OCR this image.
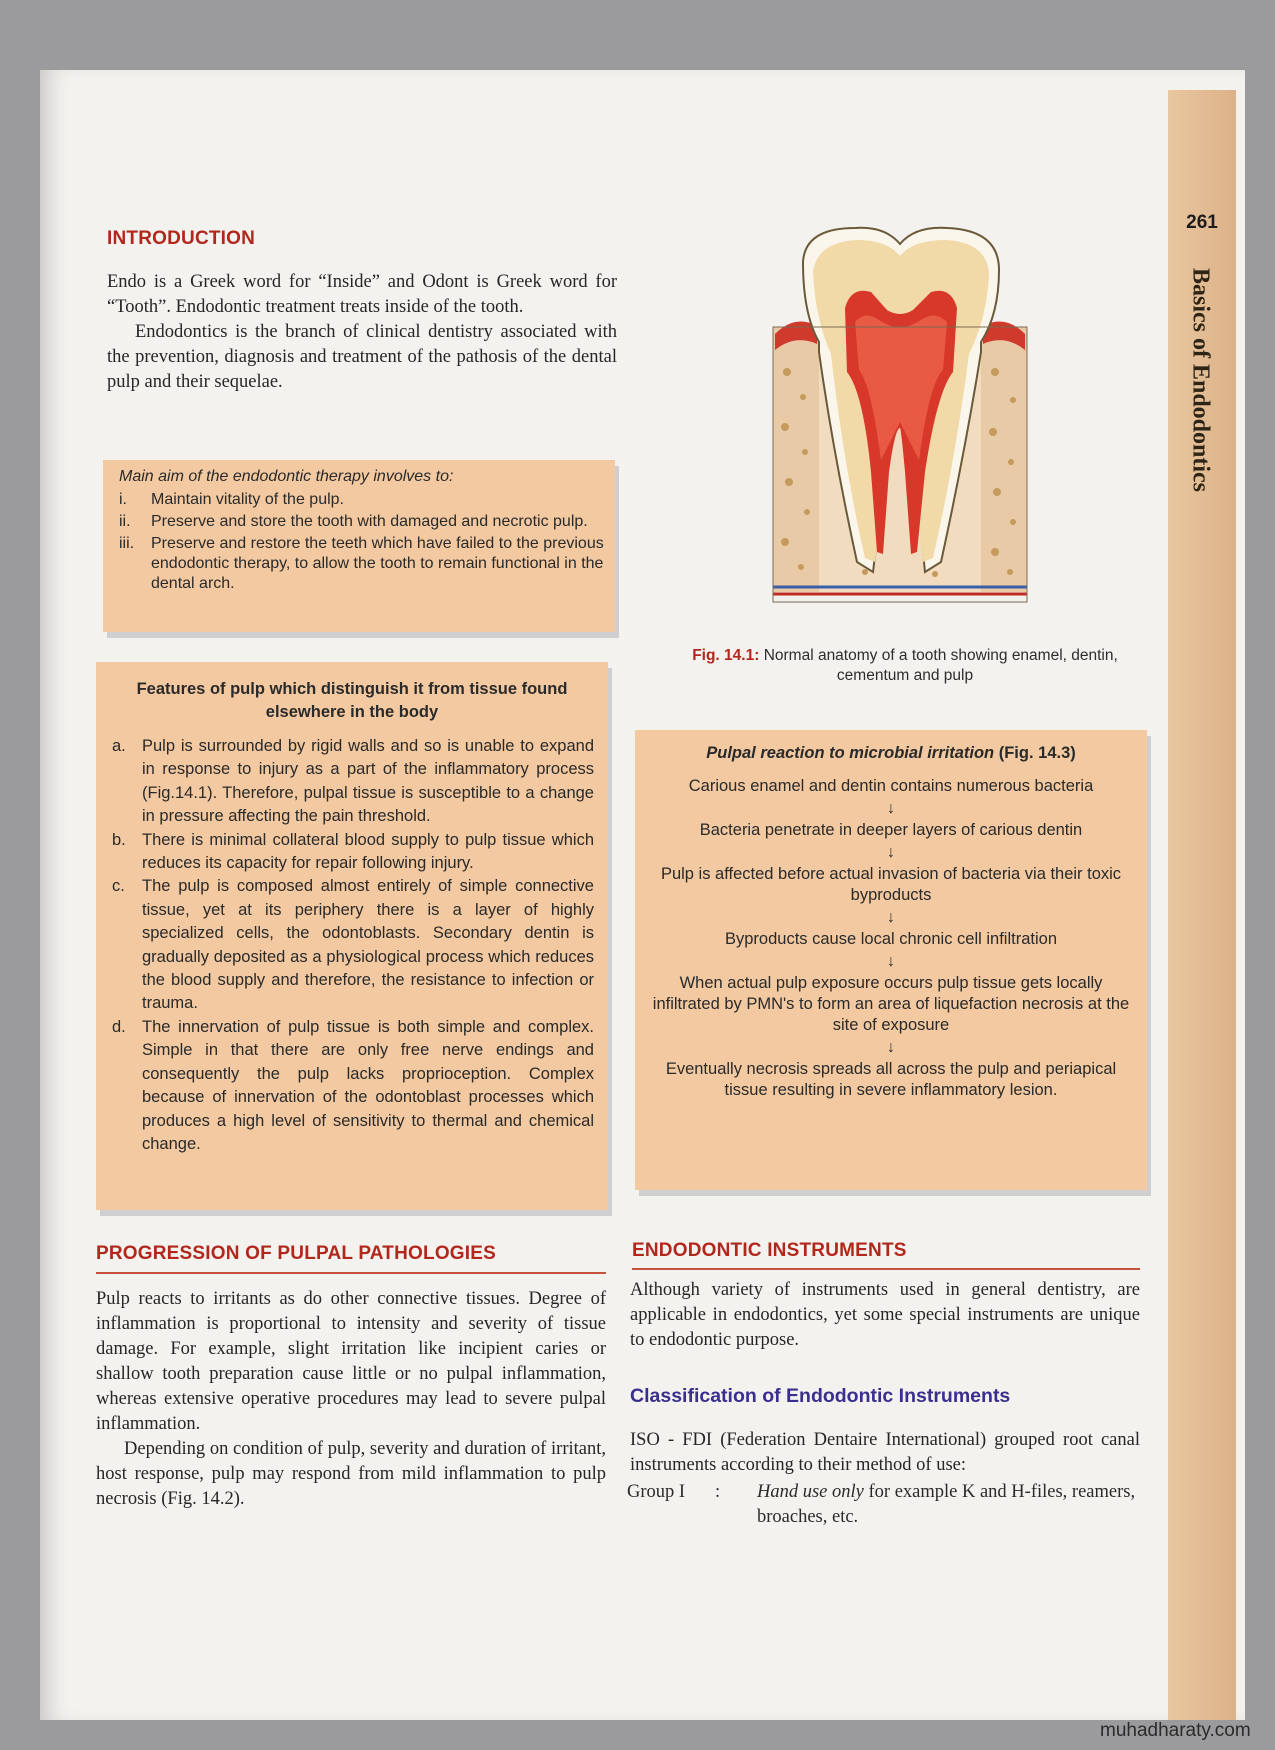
261
Basics of Endodontics
INTRODUCTION

Endo is a Greek word for “Inside” and Odont is Greek word for “Tooth”. Endodontic treatment treats inside of the tooth.

Endodontics is the branch of clinical dentistry associated with the prevention, diagnosis and treatment of the pathosis of the dental pulp and their sequelae.

Main aim of the endodontic therapy involves to:
i.	Maintain vitality of the pulp.
ii.	Preserve and store the tooth with damaged and necrotic pulp.
iii.	Preserve and restore the teeth which have failed to the previous endodontic therapy, to allow the tooth to remain functional in the dental arch.
Features of pulp which distinguish it from tissue found elsewhere in the body
a. Pulp is surrounded by rigid walls and so is unable to expand in response to injury as a part of the inflammatory process (Fig.14.1). Therefore, pulpal tissue is susceptible to a change in pressure affecting the pain threshold.
b. There is minimal collateral blood supply to pulp tissue which reduces its capacity for repair following injury.
c.	The pulp is composed almost entirely of simple connective tissue, yet at its periphery there is a layer of highly specialized cells, the odontoblasts. Secondary dentin is gradually deposited as a physiological process which reduces the blood supply and therefore, the resistance to infection or trauma.
d. The innervation of pulp tissue is both simple and complex. Simple in that there are only free nerve endings and consequently the pulp lacks proprioception. Complex because of innervation of the odontoblast processes which produces a high level of sensitivity to thermal and chemical change.
PROGRESSION OF PULPAL PATHOLOGIES

Pulp reacts to irritants as do other connective tissues. Degree of inflammation is proportional to intensity and severity of tissue damage. For example, slight irritation like incipient caries or shallow tooth preparation cause little or no pulpal inflammation, whereas extensive operative procedures may lead to severe pulpal inflammation.

Depending on condition of pulp, severity and duration of irritant, host response, pulp may respond from mild inflammation to pulp necrosis (Fig. 14.2).

Fig. 14.1: Normal anatomy of a tooth showing enamel, dentin, cementum and pulp
Pulpal reaction to microbial irritation (Fig. 14.3)

Carious enamel and dentin contains numerous bacteria

↓

Bacteria penetrate in deeper layers of carious dentin

↓

Pulp is affected before actual invasion of bacteria via their toxic byproducts

↓

Byproducts cause local chronic cell infiltration

↓

When actual pulp exposure occurs pulp tissue gets locally infiltrated by PMN's to form an area of liquefaction necrosis at the site of exposure

↓

Eventually necrosis spreads all across the pulp and periapical tissue resulting in severe inflammatory lesion.

ENDODONTIC INSTRUMENTS
Although variety of instruments used in general dentistry, are applicable in endodontics, yet some special instruments are unique to endodontic purpose.
Classification of Endodontic Instruments
ISO - FDI (Federation Dentaire International) grouped root canal instruments according to their method of use:
Group I : Hand use only for example K and H-files, reamers, broaches, etc.
muhadharaty.com
